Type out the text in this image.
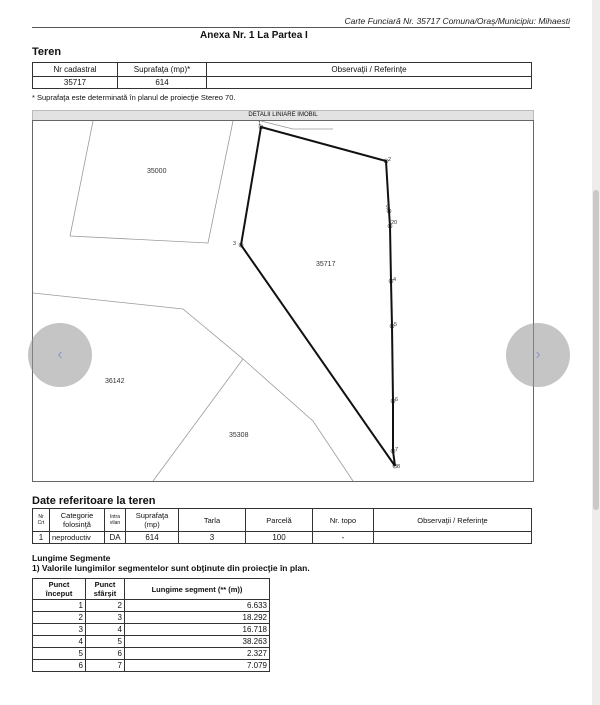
Carte Funciară Nr. 35717 Comuna/Oraş/Municipiu: Mihaesti
Anexa Nr. 1 La Partea I
Teren
Nr cadastral	Suprafaţa (mp)*	Observaţii / Referinţe
35717	614	
* Suprafaţa este determinată în planul de proiecţie Stereo 70.
DETALII LINIARE IMOBIL
35000
35717
36142
35308
1
2
20
4
5
6
7
8
3
9
Date referitoare la teren
Nr Crt	Categorie folosinţă	Intra vilan	Suprafaţa (mp)	Tarla	Parcelă	Nr. topo	Observaţii / Referinţe
1	neproductiv	DA	614	3	100	-	
Lungime Segmente
1) Valorile lungimilor segmentelor sunt obţinute din proiecţie în plan.
Punct început	Punct sfârşit	Lungime segment (** (m))
1	2	6.633
2	3	18.292
3	4	16.718
4	5	38.263
5	6	2.327
6	7	7.079
‹	›
